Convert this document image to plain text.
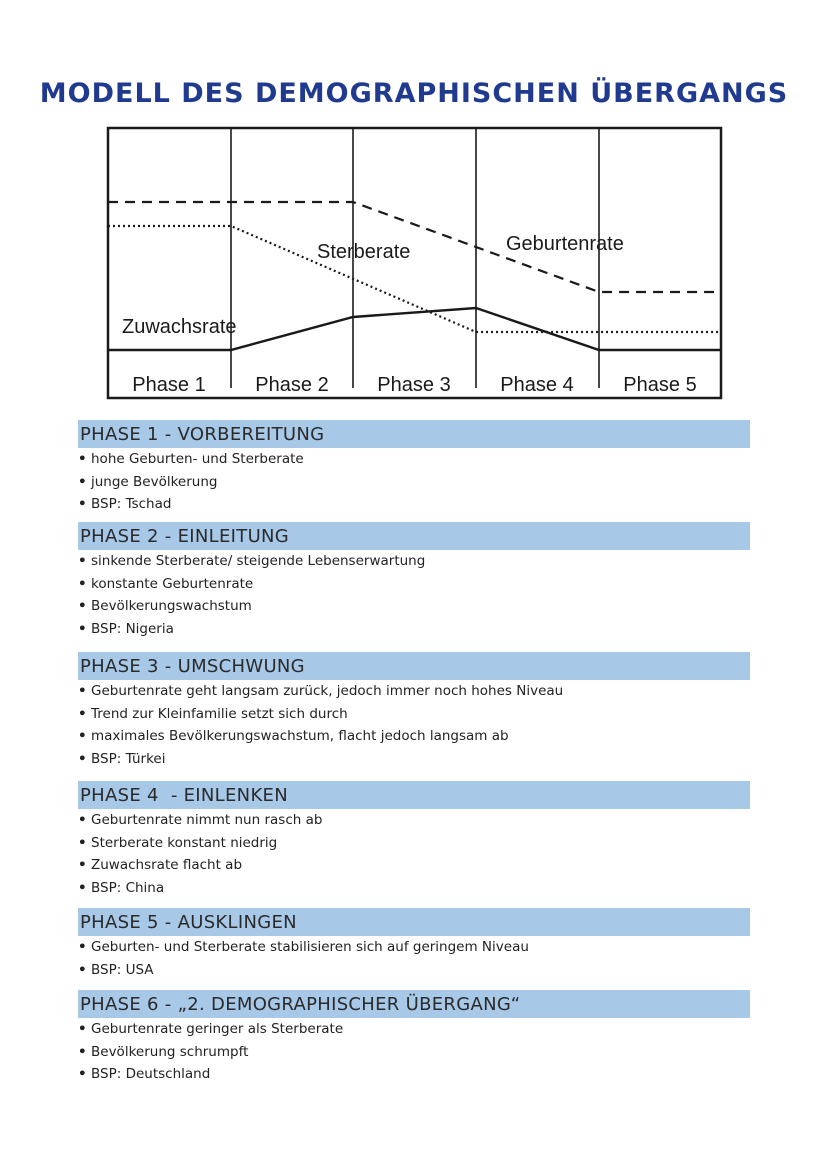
MODELL DES DEMOGRAPHISCHEN ÜBERGANGS
Sterberate	Geburtenrate
Zuwachsrate
Phase 1 Phase 2 Phase 3 Phase 4 Phase 5
PHASE 1 - VORBEREITUNG
• hohe Geburten- und Sterberate
• junge Bevölkerung
• BSP: Tschad
PHASE 2 - EINLEITUNG
• sinkende Sterberate/ steigende Lebenserwartung
• konstante Geburtenrate
• Bevölkerungswachstum
• BSP: Nigeria
PHASE 3 - UMSCHWUNG
• Geburtenrate geht langsam zurück, jedoch immer noch hohes Niveau
• Trend zur Kleinfamilie setzt sich durch
• maximales Bevölkerungswachstum, flacht jedoch langsam ab
• BSP: Türkei
PHASE 4  - EINLENKEN
• Geburtenrate nimmt nun rasch ab
• Sterberate konstant niedrig
• Zuwachsrate flacht ab
• BSP: China
PHASE 5 - AUSKLINGEN
• Geburten- und Sterberate stabilisieren sich auf geringem Niveau
• BSP: USA
PHASE 6 - „2. DEMOGRAPHISCHER ÜBERGANG“
• Geburtenrate geringer als Sterberate
• Bevölkerung schrumpft
• BSP: Deutschland
